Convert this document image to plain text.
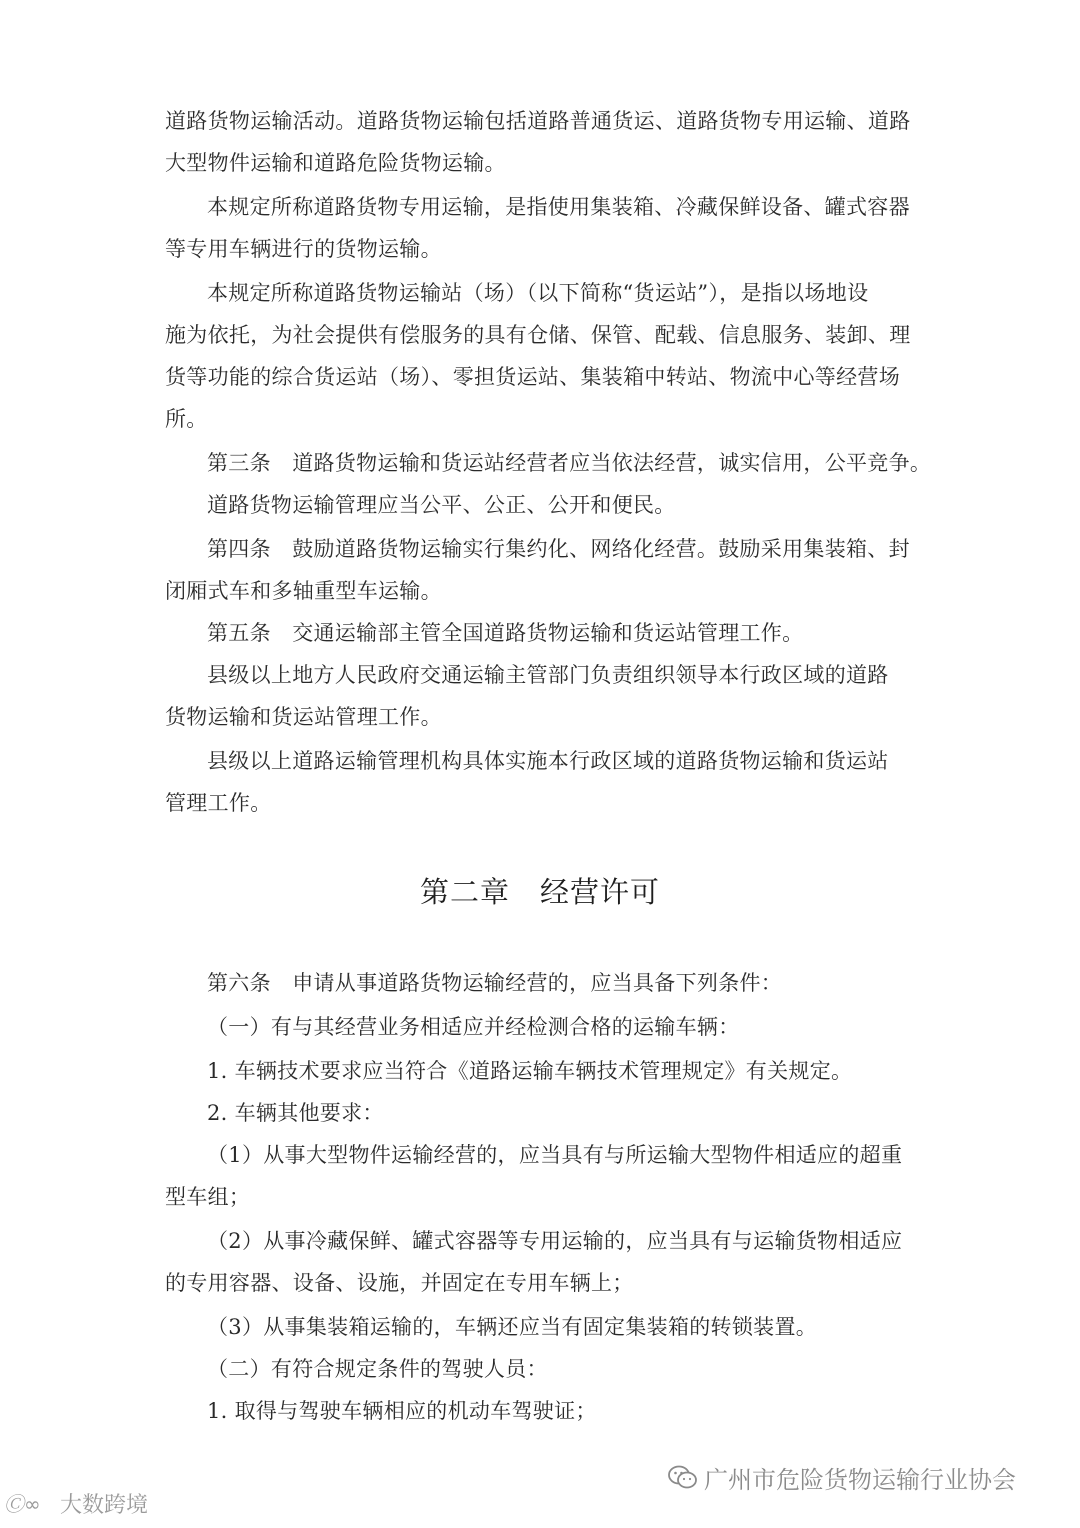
道路货物运输活动。道路货物运输包括道路普通货运、道路货物专用运输、道路
大型物件运输和道路危险货物运输。
本规定所称道路货物专用运输，是指使用集装箱、冷藏保鲜设备、罐式容器
等专用车辆进行的货物运输。
本规定所称道路货物运输站（场）（以下简称“货运站”），是指以场地设
施为依托，为社会提供有偿服务的具有仓储、保管、配载、信息服务、装卸、理
货等功能的综合货运站（场）、零担货运站、集装箱中转站、物流中心等经营场
所。
第三条　道路货物运输和货运站经营者应当依法经营，诚实信用，公平竞争。
道路货物运输管理应当公平、公正、公开和便民。
第四条　鼓励道路货物运输实行集约化、网络化经营。鼓励采用集装箱、封
闭厢式车和多轴重型车运输。
第五条　交通运输部主管全国道路货物运输和货运站管理工作。
县级以上地方人民政府交通运输主管部门负责组织领导本行政区域的道路
货物运输和货运站管理工作。
县级以上道路运输管理机构具体实施本行政区域的道路货物运输和货运站
管理工作。
第二章　经营许可
第六条　申请从事道路货物运输经营的，应当具备下列条件：
（一）有与其经营业务相适应并经检测合格的运输车辆：
1. 车辆技术要求应当符合《道路运输车辆技术管理规定》有关规定。
2. 车辆其他要求：
（1）从事大型物件运输经营的，应当具有与所运输大型物件相适应的超重
型车组；
（2）从事冷藏保鲜、罐式容器等专用运输的，应当具有与运输货物相适应
的专用容器、设备、设施，并固定在专用车辆上；
（3）从事集装箱运输的，车辆还应当有固定集装箱的转锁装置。
（二）有符合规定条件的驾驶人员：
1. 取得与驾驶车辆相应的机动车驾驶证；
广州市危险货物运输行业协会
Ⓒ∞ 大数跨境
